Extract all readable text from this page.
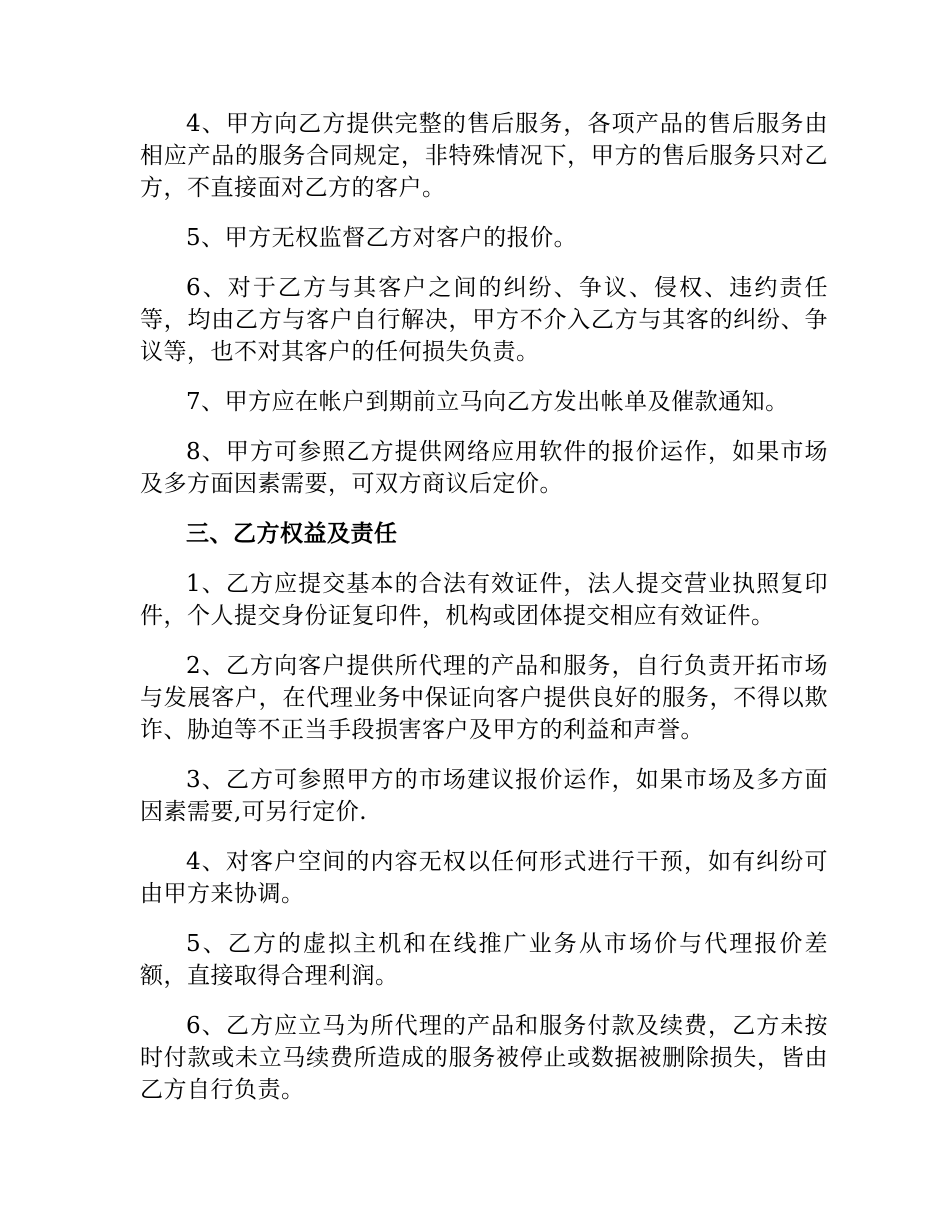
4、甲方向乙方提供完整的售后服务，各项产品的售后服务由相应产品的服务合同规定，非特殊情况下，甲方的售后服务只对乙方，不直接面对乙方的客户。

5、甲方无权监督乙方对客户的报价。

6、对于乙方与其客户之间的纠纷、争议、侵权、违约责任等，均由乙方与客户自行解决，甲方不介入乙方与其客的纠纷、争议等，也不对其客户的任何损失负责。

7、甲方应在帐户到期前立马向乙方发出帐单及催款通知。

8、甲方可参照乙方提供网络应用软件的报价运作，如果市场及多方面因素需要，可双方商议后定价。

三、乙方权益及责任

1、乙方应提交基本的合法有效证件，法人提交营业执照复印件，个人提交身份证复印件，机构或团体提交相应有效证件。

2、乙方向客户提供所代理的产品和服务，自行负责开拓市场与发展客户，在代理业务中保证向客户提供良好的服务，不得以欺诈、胁迫等不正当手段损害客户及甲方的利益和声誉。

3、乙方可参照甲方的市场建议报价运作，如果市场及多方面因素需要,可另行定价.

4、对客户空间的内容无权以任何形式进行干预，如有纠纷可由甲方来协调。

5、乙方的虚拟主机和在线推广业务从市场价与代理报价差额，直接取得合理利润。

6、乙方应立马为所代理的产品和服务付款及续费，乙方未按时付款或未立马续费所造成的服务被停止或数据被删除损失，皆由乙方自行负责。
